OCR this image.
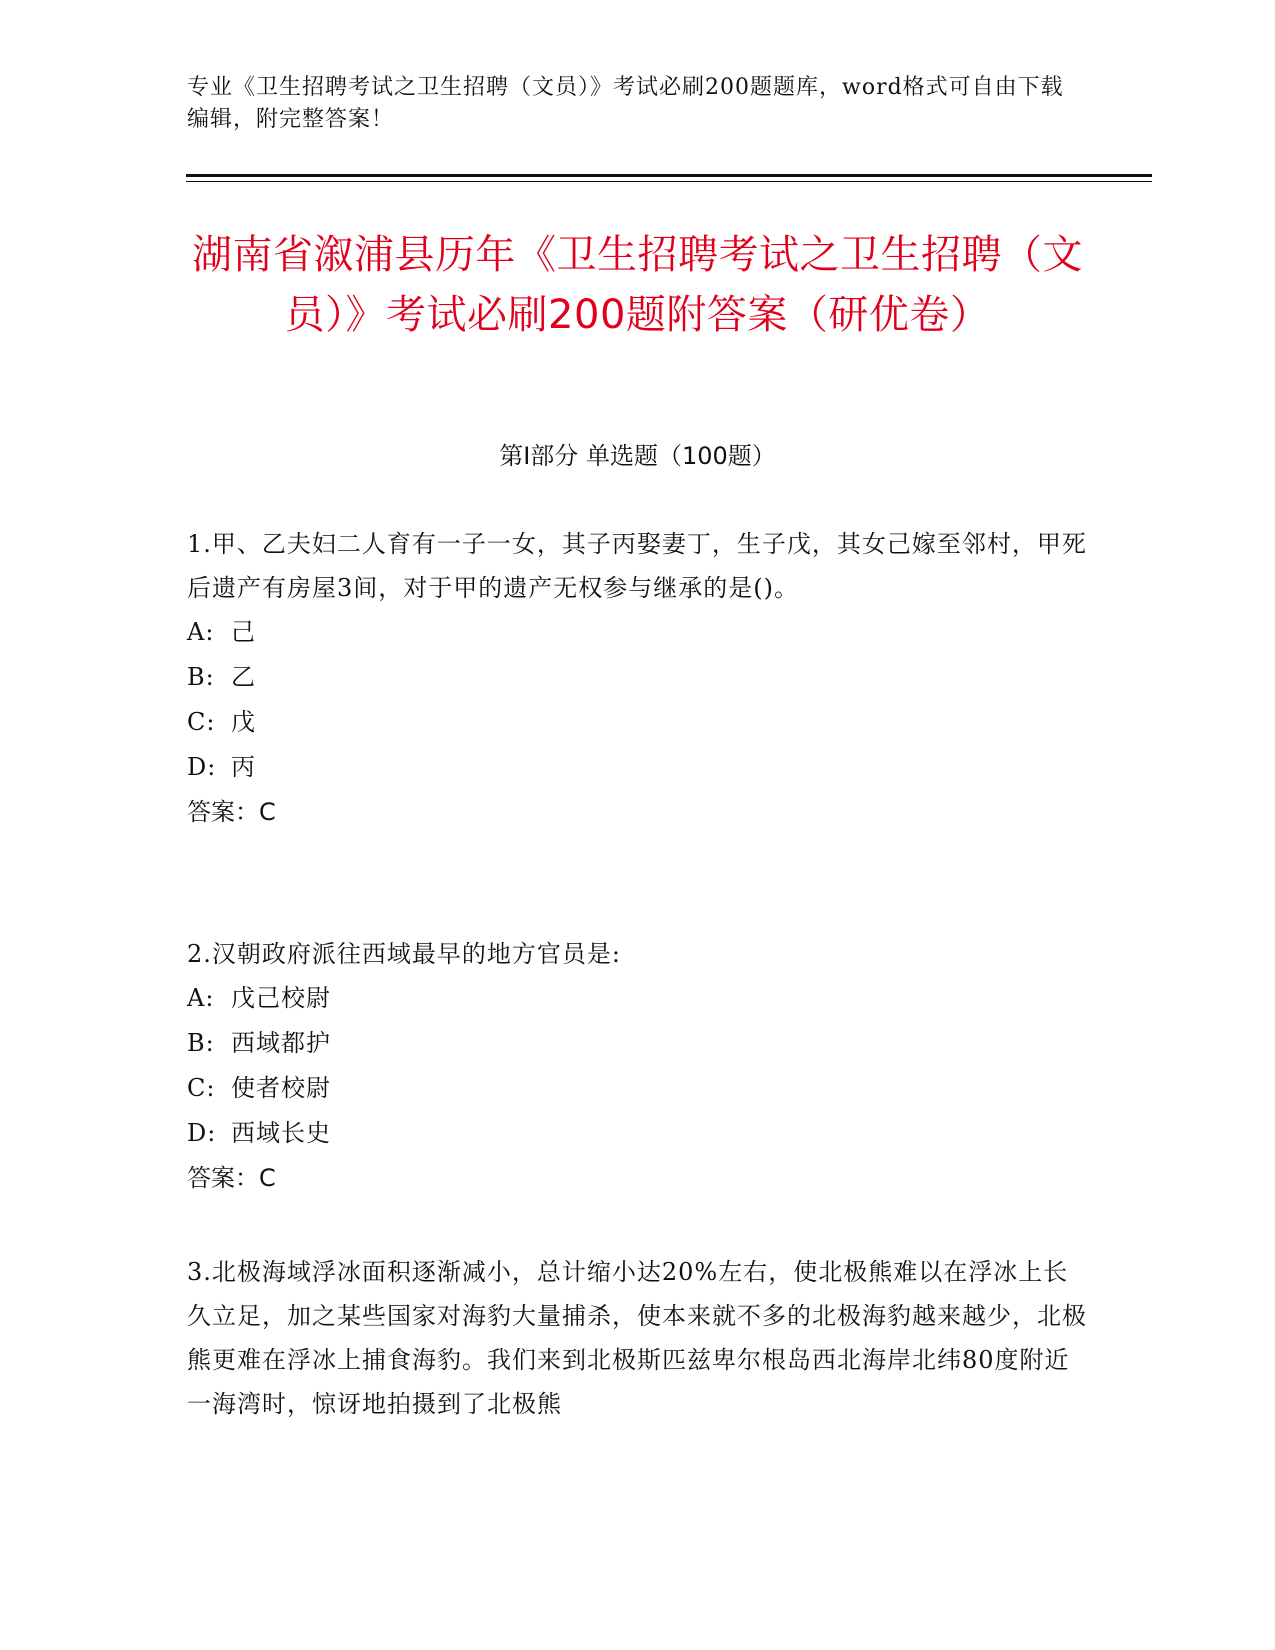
专业《卫生招聘考试之卫生招聘（文员）》考试必刷200题题库，word格式可自由下载编辑，附完整答案！
湖南省溆浦县历年《卫生招聘考试之卫生招聘（文员）》考试必刷200题附答案（研优卷）
第Ⅰ部分 单选题（100题）

1.甲、乙夫妇二人育有一子一女，其子丙娶妻丁，生子戊，其女己嫁至邻村，甲死后遗产有房屋3间，对于甲的遗产无权参与继承的是()。

A: 己

B: 乙

C: 戊

D: 丙

答案：C

2.汉朝政府派往西域最早的地方官员是:

A: 戊己校尉

B: 西域都护

C: 使者校尉

D: 西域长史

答案：C

3.北极海域浮冰面积逐渐减小，总计缩小达20%左右，使北极熊难以在浮冰上长久立足，加之某些国家对海豹大量捕杀，使本来就不多的北极海豹越来越少，北极熊更难在浮冰上捕食海豹。我们来到北极斯匹兹卑尔根岛西北海岸北纬80度附近一海湾时，惊讶地拍摄到了北极熊
